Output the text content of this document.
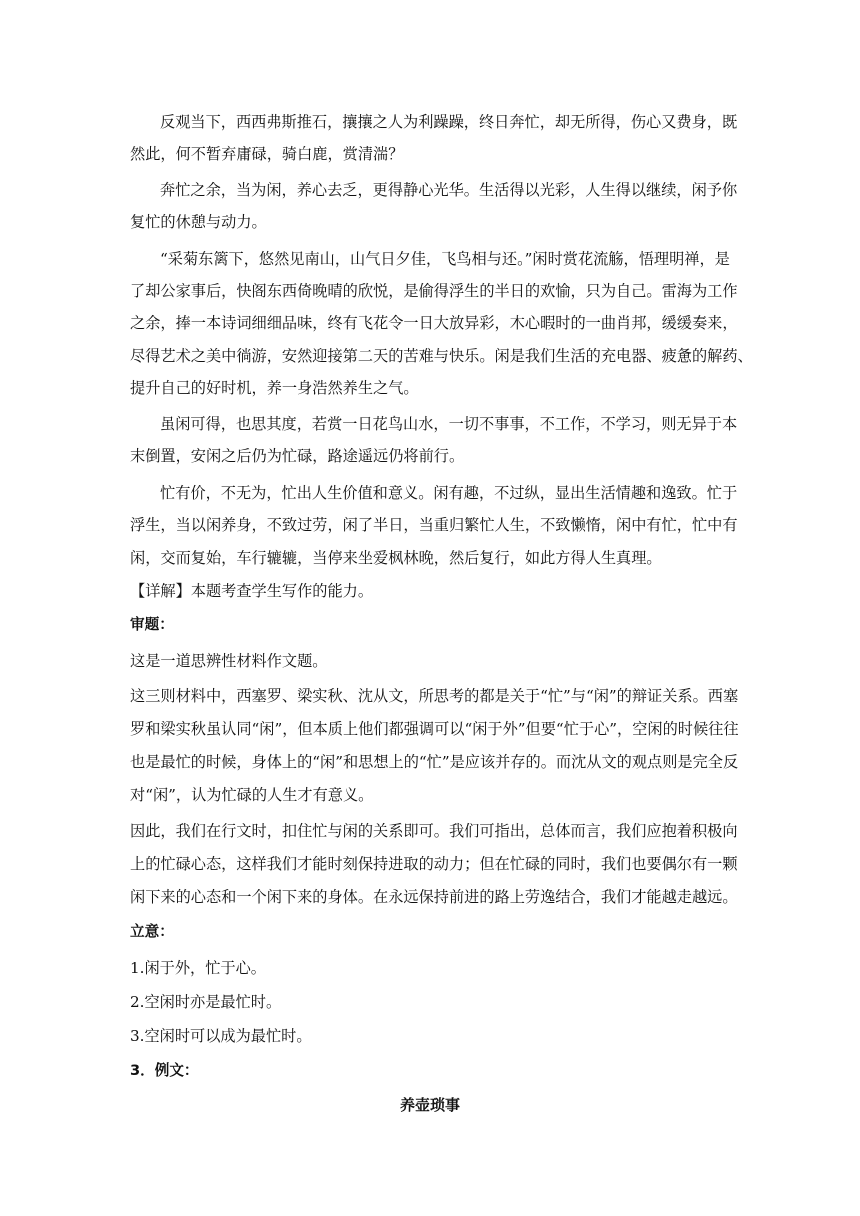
反观当下，西西弗斯推石，攘攘之人为利躁躁，终日奔忙，却无所得，伤心又费身，既
然此，何不暂弃庸碌，骑白鹿，赏清湍？
奔忙之余，当为闲，养心去乏，更得静心光华。生活得以光彩，人生得以继续，闲予你
复忙的休憩与动力。
“采菊东篱下，悠然见南山，山气日夕佳，飞鸟相与还。”闲时赏花流觞，悟理明禅，是
了却公家事后，快阁东西倚晚晴的欣悦，是偷得浮生的半日的欢愉，只为自己。雷海为工作
之余，捧一本诗词细细品味，终有飞花令一日大放异彩，木心暇时的一曲肖邦，缓缓奏来，
尽得艺术之美中徜游，安然迎接第二天的苦难与快乐。闲是我们生活的充电器、疲惫的解药、
提升自己的好时机，养一身浩然养生之气。
虽闲可得，也思其度，若赏一日花鸟山水，一切不事事，不工作，不学习，则无异于本
末倒置，安闲之后仍为忙碌，路途遥远仍将前行。
忙有价，不无为，忙出人生价值和意义。闲有趣，不过纵，显出生活情趣和逸致。忙于
浮生，当以闲养身，不致过劳，闲了半日，当重归繁忙人生，不致懒惰，闲中有忙，忙中有
闲，交而复始，车行辘辘，当停来坐爱枫林晚，然后复行，如此方得人生真理。
【详解】本题考查学生写作的能力。
审题：
这是一道思辨性材料作文题。
这三则材料中，西塞罗、梁实秋、沈从文，所思考的都是关于“忙”与“闲”的辩证关系。西塞
罗和梁实秋虽认同“闲”，但本质上他们都强调可以“闲于外”但要“忙于心”，空闲的时候往往
也是最忙的时候，身体上的“闲”和思想上的“忙”是应该并存的。而沈从文的观点则是完全反
对“闲”，认为忙碌的人生才有意义。
因此，我们在行文时，扣住忙与闲的关系即可。我们可指出，总体而言，我们应抱着积极向
上的忙碌心态，这样我们才能时刻保持进取的动力；但在忙碌的同时，我们也要偶尔有一颗
闲下来的心态和一个闲下来的身体。在永远保持前进的路上劳逸结合，我们才能越走越远。
立意：
1.闲于外，忙于心。
2.空闲时亦是最忙时。
3.空闲时可以成为最忙时。
3．例文：
养壶琐事
